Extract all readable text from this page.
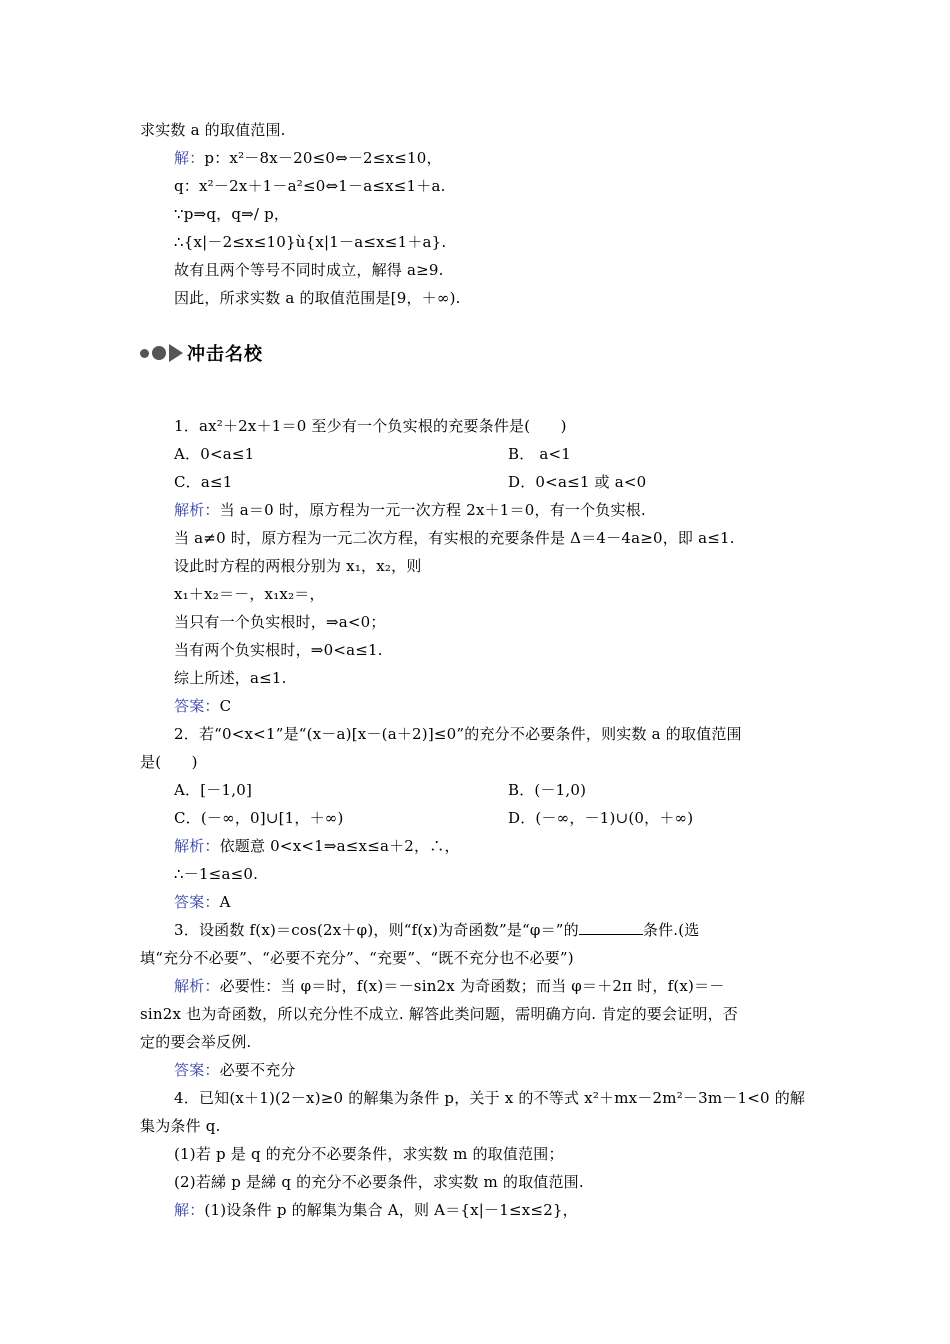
求实数 a 的取值范围.
解：p：x²－8x－20≤0⇔－2≤x≤10，
q：x²－2x＋1－a²≤0⇔1－a≤x≤1＋a.
∵p⇒q，q⇒/ p，
∴{x|－2≤x≤10}ù{x|1－a≤x≤1＋a}.
故有且两个等号不同时成立，解得 a≥9.
因此，所求实数 a 的取值范围是[9，＋∞).
冲击名校
1．ax²＋2x＋1＝0 至少有一个负实根的充要条件是(　　)
A．0<a≤1	B． a<1
C．a≤1	D．0<a≤1 或 a<0
解析：当 a＝0 时，原方程为一元一次方程 2x＋1＝0，有一个负实根.
当 a≠0 时，原方程为一元二次方程，有实根的充要条件是 Δ＝4－4a≥0，即 a≤1.
设此时方程的两根分别为 x₁，x₂，则
x₁＋x₂＝－，x₁x₂＝，
当只有一个负实根时，⇒a<0；
当有两个负实根时，⇒0<a≤1.
综上所述，a≤1.
答案：C
2．若“0<x<1”是“(x－a)[x－(a＋2)]≤0”的充分不必要条件，则实数 a 的取值范围
是(　　)
A．[－1,0]	B．(－1,0)
C．(－∞，0]∪[1，＋∞)	D．(－∞，－1)∪(0，＋∞)
解析：依题意 0<x<1⇒a≤x≤a＋2，∴，
∴－1≤a≤0.
答案：A
3．设函数 f(x)＝cos(2x＋φ)，则“f(x)为奇函数”是“φ＝”的	条件.(选
填“充分不必要”、“必要不充分”、“充要”、“既不充分也不必要”)
解析：必要性：当 φ＝时，f(x)＝－sin2x 为奇函数；而当 φ＝＋2π 时，f(x)＝－
sin2x 也为奇函数，所以充分性不成立. 解答此类问题，需明确方向. 肯定的要会证明，否
定的要会举反例.
答案：必要不充分
4．已知(x＋1)(2－x)≥0 的解集为条件 p，关于 x 的不等式 x²＋mx－2m²－3m－1<0 的解
集为条件 q.
(1)若 p 是 q 的充分不必要条件，求实数 m 的取值范围；
(2)若綈 p 是綈 q 的充分不必要条件，求实数 m 的取值范围.
解：(1)设条件 p 的解集为集合 A，则 A＝{x|－1≤x≤2}，
